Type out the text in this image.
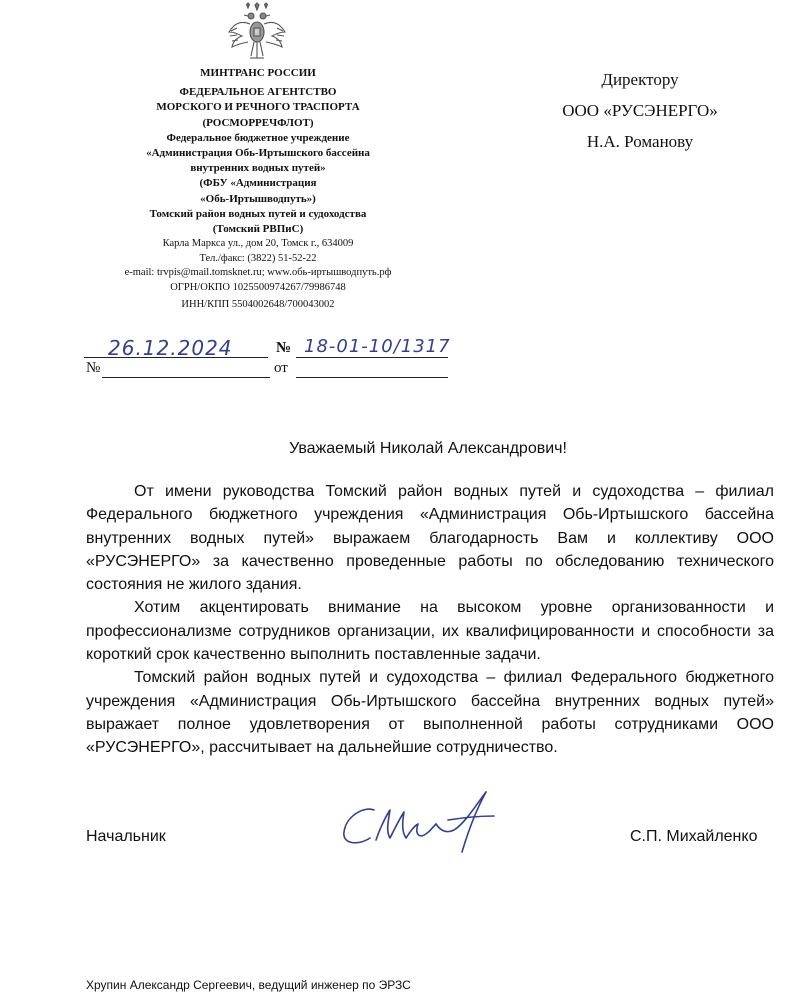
МИНТРАНС РОССИИ
ФЕДЕРАЛЬНОЕ АГЕНТСТВО
МОРСКОГО И РЕЧНОГО ТРАСПОРТА
(РОСМОРРЕЧФЛОТ)
Федеральное бюджетное учреждение
«Администрация Обь-Иртышского бассейна
внутренних водных путей»
(ФБУ «Администрация
«Обь-Иртышводпуть»)
Томский район водных путей и судоходства
(Томский РВПиС)
Карла Маркса ул., дом 20, Томск г., 634009
Тел./факс: (3822) 51-52-22
e-mail: trvpis@mail.tomsknet.ru; www.обь-иртышводпуть.рф
ОГРН/ОКПО 1025500974267/79986748
ИНН/КПП 5504002648/700043002
Директору
ООО «РУСЭНЕРГО»
Н.А. Романову
26.12.2024	№ 18-01-10/1317
№	от
Уважаемый Николай Александрович!

От имени руководства Томский район водных путей и судоходства – филиал Федерального бюджетного учреждения «Администрация Обь-Иртышского бассейна внутренних водных путей» выражаем благодарность Вам и коллективу ООО «РУСЭНЕРГО» за качественно проведенные работы по обследованию технического состояния не жилого здания.

Хотим акцентировать внимание на высоком уровне организованности и профессионализме сотрудников организации, их квалифицированности и способности за короткий срок качественно выполнить поставленные задачи.

Томский район водных путей и судоходства – филиал Федерального бюджетного учреждения «Администрация Обь-Иртышского бассейна внутренних водных путей» выражает полное удовлетворения от выполненной работы сотрудниками ООО «РУСЭНЕРГО», рассчитывает на дальнейшие сотрудничество.

Начальник	С.П. Михайленко
Хрупин Александр Сергеевич, ведущий инженер по ЭРЗС
